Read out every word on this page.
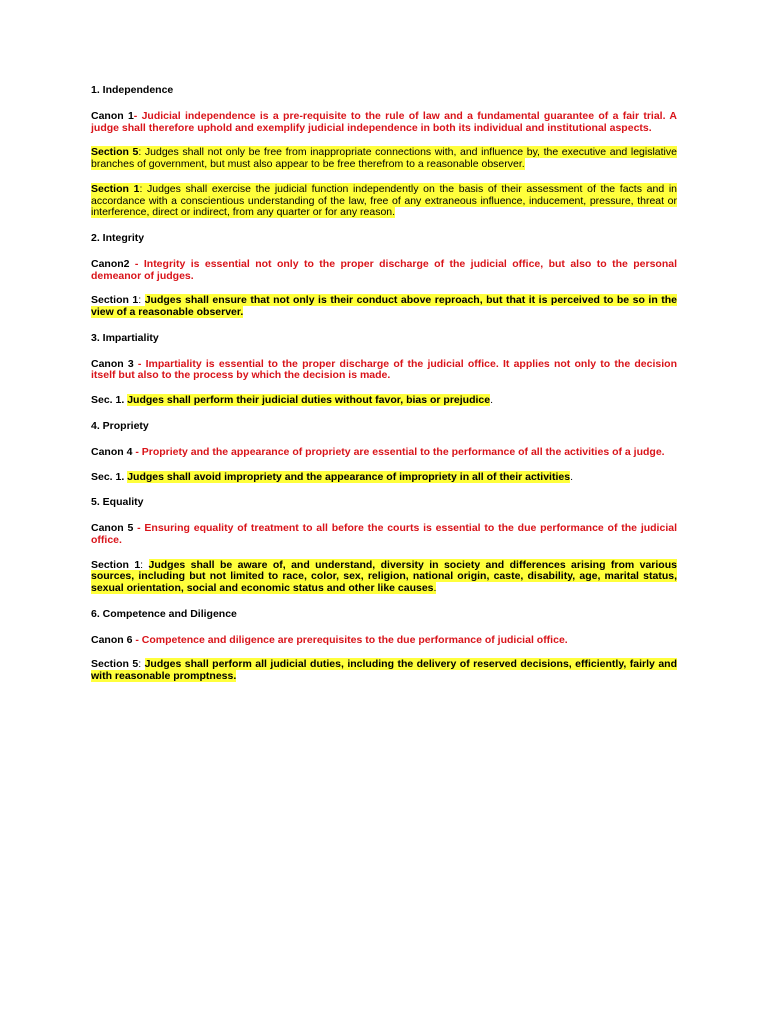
1. Independence
Canon 1- Judicial independence is a pre-requisite to the rule of law and a fundamental guarantee of a fair trial. A judge shall therefore uphold and exemplify judicial independence in both its individual and institutional aspects.
Section 5: Judges shall not only be free from inappropriate connections with, and influence by, the executive and legislative branches of government, but must also appear to be free therefrom to a reasonable observer.
Section 1: Judges shall exercise the judicial function independently on the basis of their assessment of the facts and in accordance with a conscientious understanding of the law, free of any extraneous influence, inducement, pressure, threat or interference, direct or indirect, from any quarter or for any reason.
2. Integrity
Canon2 - Integrity is essential not only to the proper discharge of the judicial office, but also to the personal demeanor of judges.
Section 1: Judges shall ensure that not only is their conduct above reproach, but that it is perceived to be so in the view of a reasonable observer.
3. Impartiality
Canon 3 - Impartiality is essential to the proper discharge of the judicial office. It applies not only to the decision itself but also to the process by which the decision is made.
Sec. 1. Judges shall perform their judicial duties without favor, bias or prejudice.
4. Propriety
Canon 4 - Propriety and the appearance of propriety are essential to the performance of all the activities of a judge.
Sec. 1. Judges shall avoid impropriety and the appearance of impropriety in all of their activities.
5. Equality
Canon 5 - Ensuring equality of treatment to all before the courts is essential to the due performance of the judicial office.
Section 1: Judges shall be aware of, and understand, diversity in society and differences arising from various sources, including but not limited to race, color, sex, religion, national origin, caste, disability, age, marital status, sexual orientation, social and economic status and other like causes.
6. Competence and Diligence
Canon 6 - Competence and diligence are prerequisites to the due performance of judicial office.
Section 5: Judges shall perform all judicial duties, including the delivery of reserved decisions, efficiently, fairly and with reasonable promptness.
